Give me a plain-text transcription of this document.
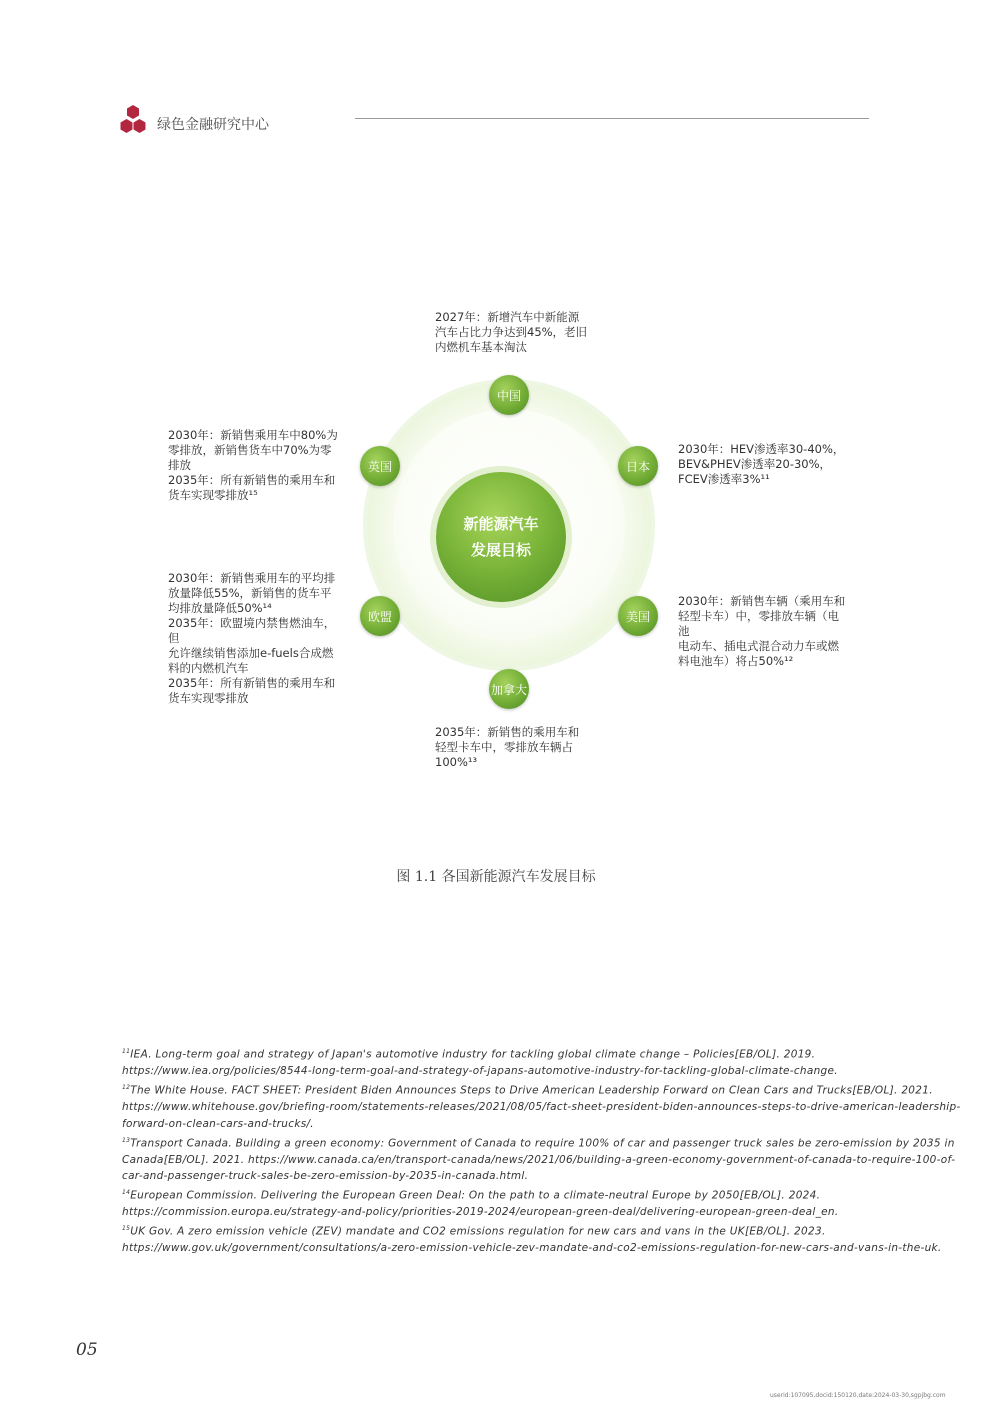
绿色金融研究中心
新能源汽车
发展目标
中国
日本
美国
加拿大
欧盟
英国
2027年：新增汽车中新能源
汽车占比力争达到45%，老旧
内燃机车基本淘汰
2030年：HEV渗透率30-40%，
BEV&PHEV渗透率20-30%，
FCEV渗透率3%¹¹
2030年：新销售车辆（乘用车和
轻型卡车）中，零排放车辆（电池
电动车、插电式混合动力车或燃
料电池车）将占50%¹²
2035年：新销售的乘用车和
轻型卡车中，零排放车辆占
100%¹³
2030年：新销售乘用车的平均排
放量降低55%，新销售的货车平
均排放量降低50%¹⁴
2035年：欧盟境内禁售燃油车，但
允许继续销售添加e-fuels合成燃
料的内燃机汽车
2035年：所有新销售的乘用车和
货车实现零排放
2030年：新销售乘用车中80%为
零排放，新销售货车中70%为零
排放
2035年：所有新销售的乘用车和
货车实现零排放¹⁵
图 1.1 各国新能源汽车发展目标

$^{11}$IEA. Long-term goal and strategy of Japan's automotive industry for tackling global climate change – Policies[EB/OL]. 2019. https://www.iea.org/policies/8544-long-term-goal-and-strategy-of-japans-automotive-industry-for-tackling-global-climate-change.

$^{12}$The White House. FACT SHEET: President Biden Announces Steps to Drive American Leadership Forward on Clean Cars and Trucks[EB/OL]. 2021. https://www.whitehouse.gov/briefing-room/statements-releases/2021/08/05/fact-sheet-president-biden-announces-steps-to-drive-american-leadership-forward-on-clean-cars-and-trucks/.

$^{13}$Transport Canada. Building a green economy: Government of Canada to require 100% of car and passenger truck sales be zero-emission by 2035 in Canada[EB/OL]. 2021. https://www.canada.ca/en/transport-canada/news/2021/06/building-a-green-economy-government-of-canada-to-require-100-of-car-and-passenger-truck-sales-be-zero-emission-by-2035-in-canada.html.

$^{14}$European Commission. Delivering the European Green Deal: On the path to a climate-neutral Europe by 2050[EB/OL]. 2024. https://commission.europa.eu/strategy-and-policy/priorities-2019-2024/european-green-deal/delivering-european-green-deal_en.

$^{15}$UK Gov. A zero emission vehicle (ZEV) mandate and CO2 emissions regulation for new cars and vans in the UK[EB/OL]. 2023. https://www.gov.uk/government/consultations/a-zero-emission-vehicle-zev-mandate-and-co2-emissions-regulation-for-new-cars-and-vans-in-the-uk.

05
userid:107095,docid:150120,date:2024-03-30,sgpjbg.com
